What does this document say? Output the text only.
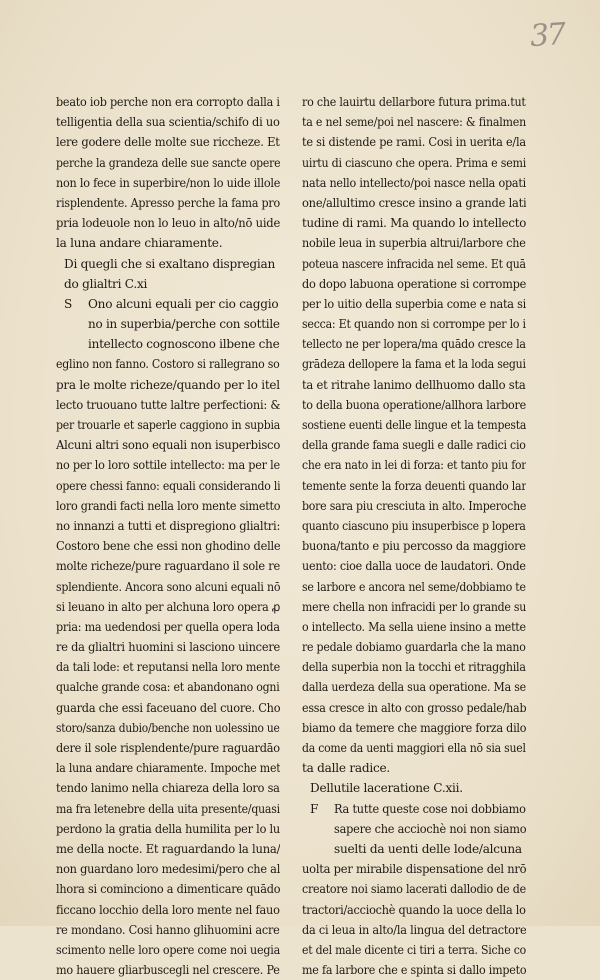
37
beato iob perche non era corropto dalla i
telligentia della sua scientia/schifo di uo
lere godere delle molte sue riccheze. Et
perche la grandeza delle sue sancte opere
non lo fece in superbire/non lo uide illole
risplendente. Apresso perche la fama pro
pria lodeuole non lo leuo in alto/nō uide
la luna andare chiaramente.
Di quegli che si exaltano dispregian
do glialtri C.xi
S Ono alcuni equali per cio caggio
no in superbia/perche con sottile
intellecto cognoscono ilbene che
eglino non fanno. Costoro si rallegrano so
pra le molte richeze/quando per lo itel
lecto truouano tutte laltre perfectioni: &
per trouarle et saperle caggiono in supbia
Alcuni altri sono equali non isuperbisco
no per lo loro sottile intellecto: ma per le
opere chessi fanno: equali considerando li
loro grandi facti nella loro mente simetto
no innanzi a tutti et dispregiono glialtri:
Costoro bene che essi non ghodino delle
molte richeze/pure raguardano il sole re
splendiente. Ancora sono alcuni equali nō
si leuano in alto per alchuna loro opera ꝓ
pria: ma uedendosi per quella opera loda
re da glialtri huomini si lasciono uincere
da tali lode: et reputansi nella loro mente
qualche grande cosa: et abandonano ogni
guarda che essi faceuano del cuore. Cho
storo/sanza dubio/benche non uolessino ue
dere il sole risplendente/pure raguardāo
la luna andare chiaramente. Impoche met
tendo lanimo nella chiareza della loro sa
ma fra letenebre della uita presente/quasi
perdono la gratia della humilita per lo lu
me della nocte. Et raguardando la luna/
non guardano loro medesimi/pero che al
lhora si cominciono a dimenticare quādo
ficcano locchio della loro mente nel fauo
re mondano. Cosi hanno glihuomini acre
scimento nelle loro opere come noi uegia
mo hauere gliarbuscegli nel crescere. Pe
ro che lauirtu dellarbore futura prima.tut
ta e nel seme/poi nel nascere: & finalmen
te si distende pe rami. Cosi in uerita e/la
uirtu di ciascuno che opera. Prima e semi
nata nello intellecto/poi nasce nella opati
one/allultimo cresce insino a grande lati
tudine di rami. Ma quando lo intellecto
nobile leua in superbia altrui/larbore che
poteua nascere infracida nel seme. Et quā
do dopo labuona operatione si corrompe
per lo uitio della superbia come e nata si
secca: Et quando non si corrompe per lo i
tellecto ne per lopera/ma quādo cresce la
grādeza dellopere la fama et la loda segui
ta et ritrahe lanimo dellhuomo dallo sta
to della buona operatione/allhora larbore
sostiene euenti delle lingue et la tempesta
della grande fama suegli e dalle radici cio
che era nato in lei di forza: et tanto piu for
temente sente la forza deuenti quando lar
bore sara piu cresciuta in alto. Imperoche
quanto ciascuno piu insuperbisce p lopera
buona/tanto e piu percosso da maggiore
uento: cioe dalla uoce de laudatori. Onde
se larbore e ancora nel seme/dobbiamo te
mere chella non infracidi per lo grande su
o intellecto. Ma sella uiene insino a mette
re pedale dobiamo guardarla che la mano
della superbia non la tocchi et ritragghila
dalla uerdeza della sua operatione. Ma se
essa cresce in alto con grosso pedale/hab
biamo da temere che maggiore forza dilo
da come da uenti maggiori ella nō sia suel
ta dalle radice.
Dellutile laceratione C.xii.
F Ra tutte queste cose noi dobbiamo
sapere che acciochè noi non siamo
suelti da uenti delle lode/alcuna
uolta per mirabile dispensatione del nrō
creatore noi siamo lacerati dallodio de de
tractori/acciochè quando la uoce della lo
da ci leua in alto/la lingua del detractore
et del male dicente ci tiri a terra. Siche co
me fa larbore che e spinta si dallo impeto
